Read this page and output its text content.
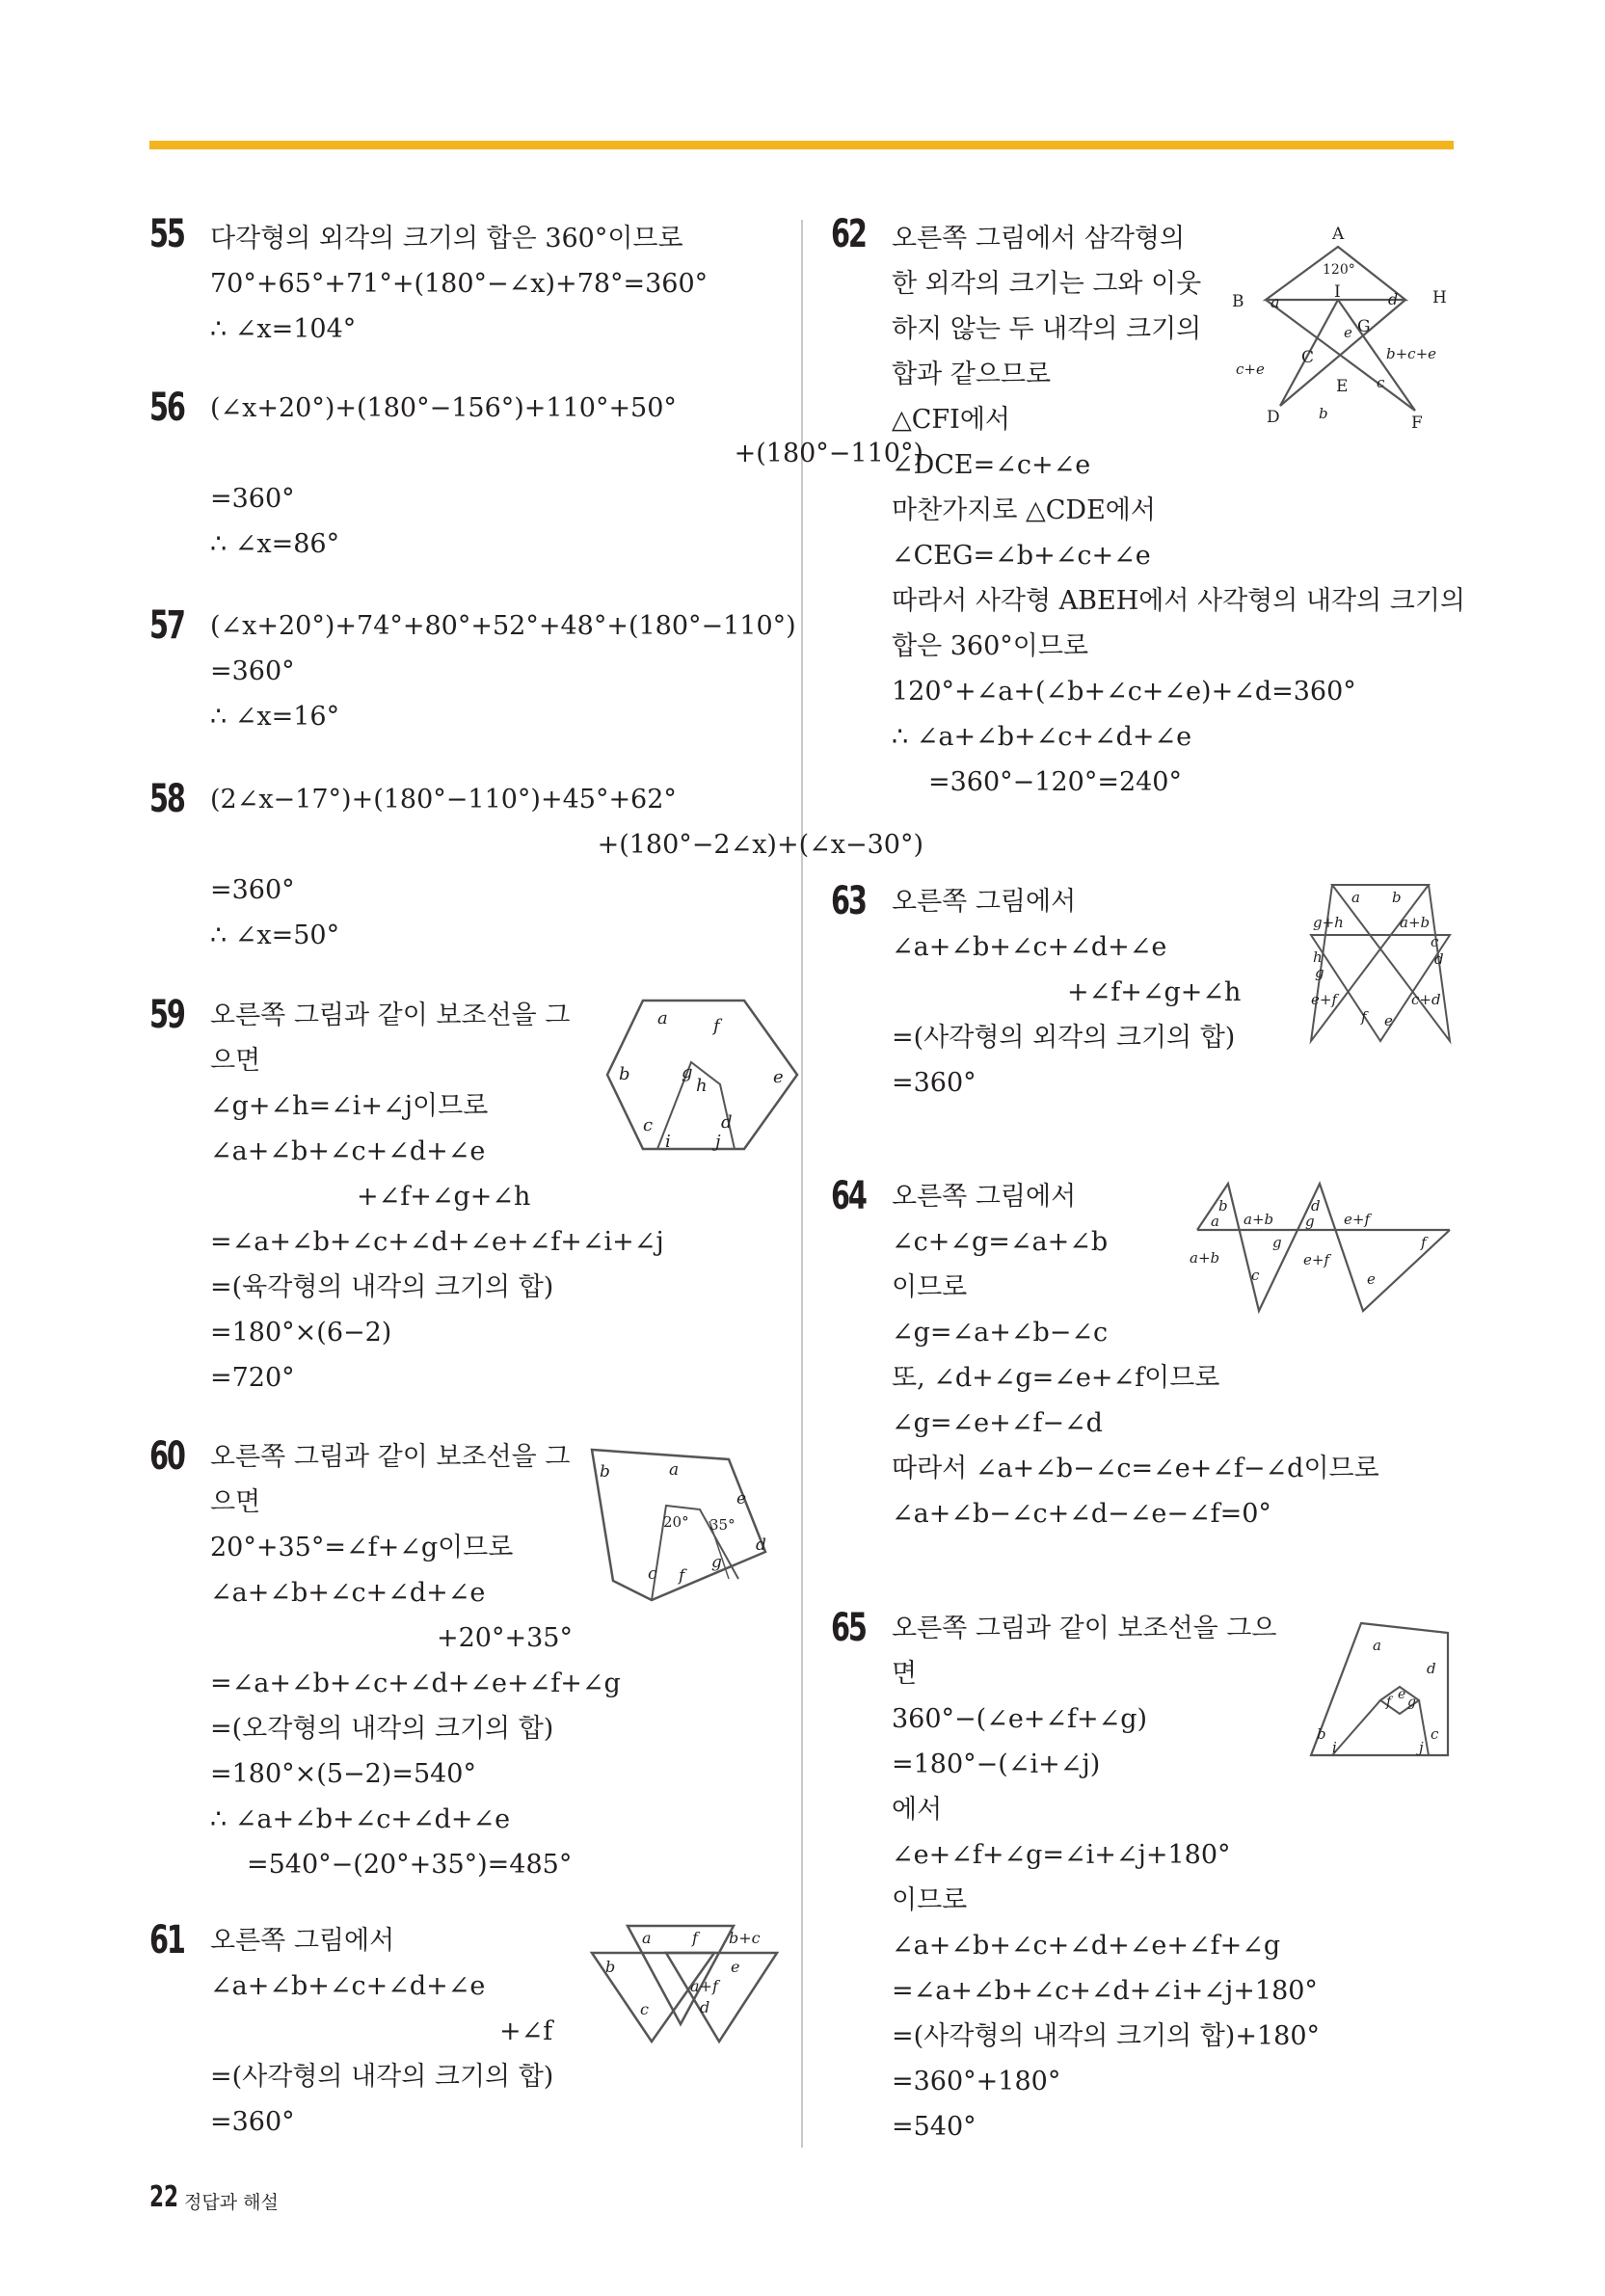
55 다각형의 외각의 크기의 합은 360°이므로
70°+65°+71°+(180°−∠x)+78°=360°
∴ ∠x=104°
56 (∠x+20°)+(180°−156°)+110°+50°
+(180°−110°)
=360°
∴ ∠x=86°
57 (∠x+20°)+74°+80°+52°+48°+(180°−110°)
=360°
∴ ∠x=16°
58 (2∠x−17°)+(180°−110°)+45°+62°
+(180°−2∠x)+(∠x−30°)
=360°
∴ ∠x=50°
59 오른쪽 그림과 같이 보조선을 그
으면
∠g+∠h=∠i+∠j이므로
∠a+∠b+∠c+∠d+∠e
+∠f+∠g+∠h
=∠a+∠b+∠c+∠d+∠e+∠f+∠i+∠j
=(육각형의 내각의 크기의 합)
=180°×(6−2)
=720°
60 오른쪽 그림과 같이 보조선을 그
으면
20°+35°=∠f+∠g이므로
∠a+∠b+∠c+∠d+∠e
+20°+35°
=∠a+∠b+∠c+∠d+∠e+∠f+∠g
=(오각형의 내각의 크기의 합)
=180°×(5−2)=540°
∴ ∠a+∠b+∠c+∠d+∠e
=540°−(20°+35°)=485°
61 오른쪽 그림에서
∠a+∠b+∠c+∠d+∠e
+∠f
=(사각형의 내각의 크기의 합)
=360°
62 오른쪽 그림에서 삼각형의
한 외각의 크기는 그와 이웃
하지 않는 두 내각의 크기의
합과 같으므로
△CFI에서
∠DCE=∠c+∠e
마찬가지로 △CDE에서
∠CEG=∠b+∠c+∠e
따라서 사각형 ABEH에서 사각형의 내각의 크기의
합은 360°이므로
120°+∠a+(∠b+∠c+∠e)+∠d=360°
∴ ∠a+∠b+∠c+∠d+∠e
=360°−120°=240°
63 오른쪽 그림에서
∠a+∠b+∠c+∠d+∠e
+∠f+∠g+∠h
=(사각형의 외각의 크기의 합)
=360°
64 오른쪽 그림에서
∠c+∠g=∠a+∠b
이므로
∠g=∠a+∠b−∠c
또, ∠d+∠g=∠e+∠f이므로
∠g=∠e+∠f−∠d
따라서 ∠a+∠b−∠c=∠e+∠f−∠d이므로
∠a+∠b−∠c+∠d−∠e−∠f=0°
65 오른쪽 그림과 같이 보조선을 그으
면
360°−(∠e+∠f+∠g)
=180°−(∠i+∠j)
에서
∠e+∠f+∠g=∠i+∠j+180°
이므로
∠a+∠b+∠c+∠d+∠e+∠f+∠g
=∠a+∠b+∠c+∠d+∠i+∠j+180°
=(사각형의 내각의 크기의 합)+180°
=360°+180°
=540°
a	f
b	e
g
h
c	d
i	j
a
b
e
20° 35°
d
c f
g
a	f b+c
b	e
a+f
c	d
A
120°
B a
I	d H
G
e
b+c+e
C
c+e
E c
D	b	F
a b
g+h	a+b
c
d
h
g
e+f	c+d
f e
b
a a+b
d
g e+f
a+b
g
c
e+f
f
e
a
d
f e g
b	c
i	j
22 정답과 해설
